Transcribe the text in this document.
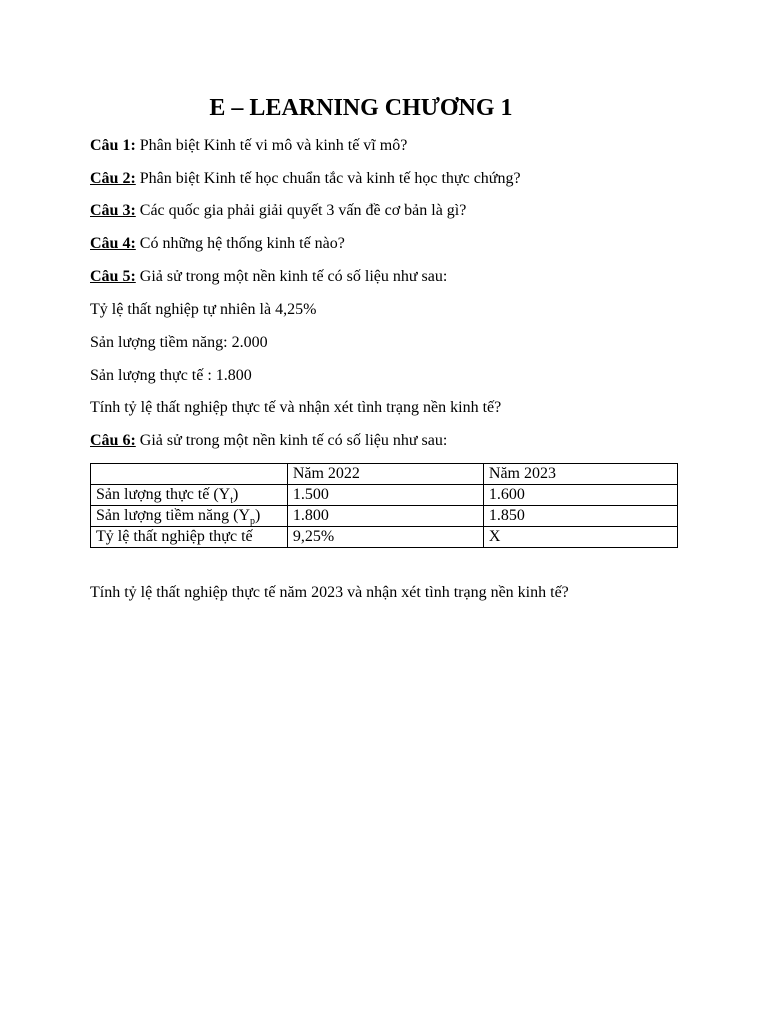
E – LEARNING CHƯƠNG 1

Câu 1: Phân biệt Kinh tế vi mô và kinh tế vĩ mô?

Câu 2: Phân biệt Kinh tế học chuẩn tắc và kinh tế học thực chứng?

Câu 3: Các quốc gia phải giải quyết 3 vấn đề cơ bản là gì?

Câu 4: Có những hệ thống kinh tế nào?

Câu 5: Giả sử trong một nền kinh tế có số liệu như sau:

Tỷ lệ thất nghiệp tự nhiên là 4,25%

Sản lượng tiềm năng: 2.000

Sản lượng thực tế : 1.800

Tính tỷ lệ thất nghiệp thực tế và nhận xét tình trạng nền kinh tế?

Câu 6: Giả sử trong một nền kinh tế có số liệu như sau:

	Năm 2022	Năm 2023
Sản lượng thực tế $(Y_t)$	1.500	1.600
Sản lượng tiềm năng $(Y_p)$	1.800	1.850
Tỷ lệ thất nghiệp thực tế	9,25%	X

Tính tỷ lệ thất nghiệp thực tế năm 2023 và nhận xét tình trạng nền kinh tế?
